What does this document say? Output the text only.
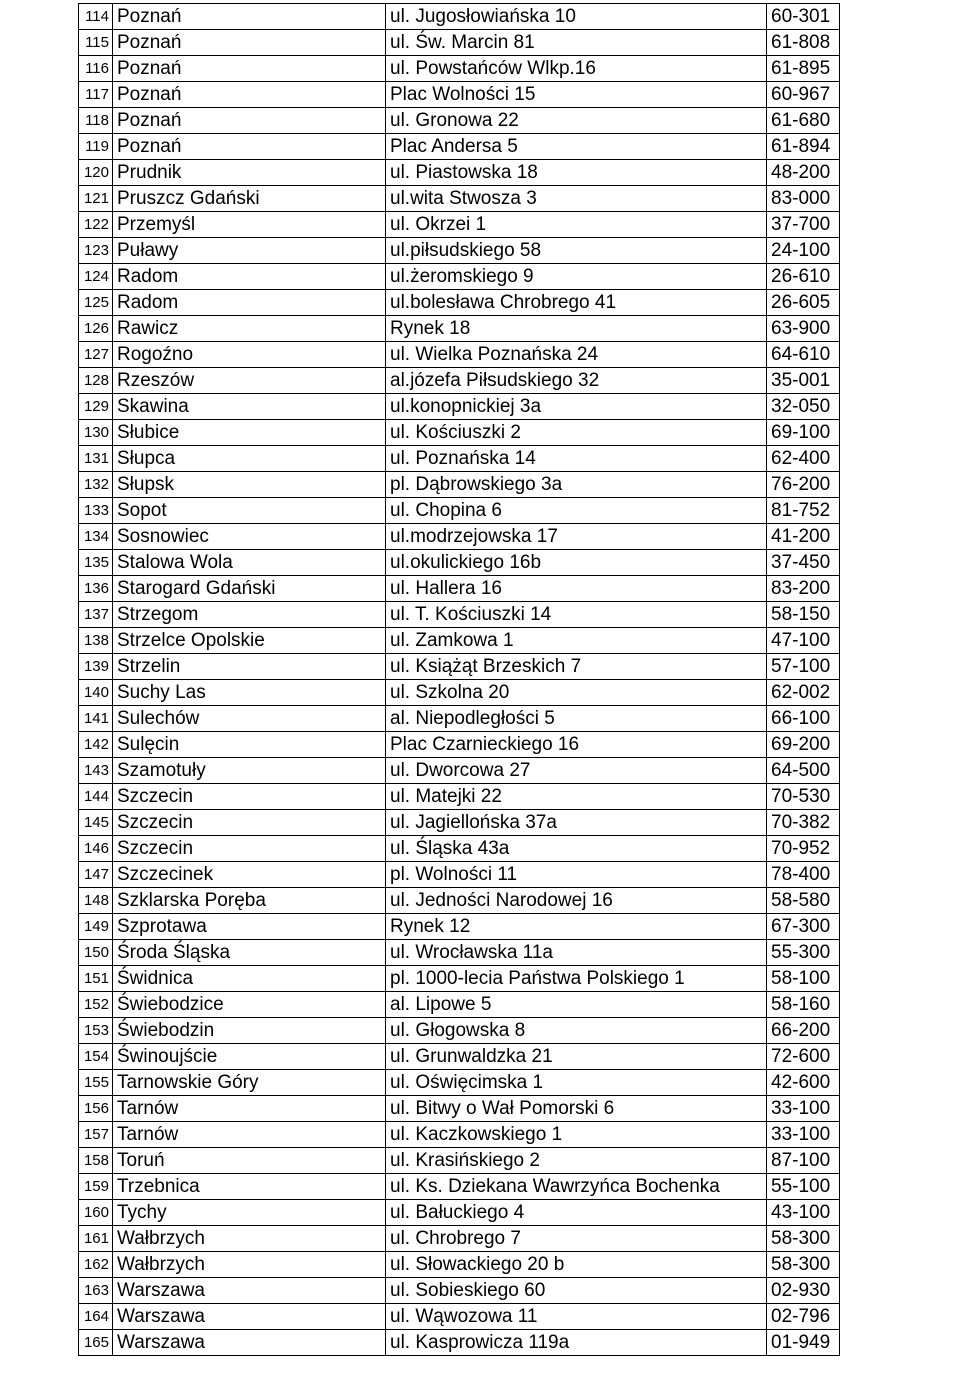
114	Poznań	ul. Jugosłowiańska 10	60-301
115	Poznań	ul. Św. Marcin 81	61-808
116	Poznań	ul. Powstańców Wlkp.16	61-895
117	Poznań	Plac Wolności 15	60-967
118	Poznań	ul. Gronowa 22	61-680
119	Poznań	Plac Andersa 5	61-894
120	Prudnik	ul. Piastowska 18	48-200
121	Pruszcz Gdański	ul.wita Stwosza 3	83-000
122	Przemyśl	ul. Okrzei 1	37-700
123	Puławy	ul.piłsudskiego 58	24-100
124	Radom	ul.żeromskiego 9	26-610
125	Radom	ul.bolesława Chrobrego 41	26-605
126	Rawicz	Rynek 18	63-900
127	Rogoźno	ul. Wielka Poznańska 24	64-610
128	Rzeszów	al.józefa Piłsudskiego 32	35-001
129	Skawina	ul.konopnickiej 3a	32-050
130	Słubice	ul. Kościuszki 2	69-100
131	Słupca	ul. Poznańska 14	62-400
132	Słupsk	pl. Dąbrowskiego 3a	76-200
133	Sopot	ul. Chopina 6	81-752
134	Sosnowiec	ul.modrzejowska 17	41-200
135	Stalowa Wola	ul.okulickiego 16b	37-450
136	Starogard Gdański	ul. Hallera 16	83-200
137	Strzegom	ul. T. Kościuszki 14	58-150
138	Strzelce Opolskie	ul. Zamkowa 1	47-100
139	Strzelin	ul. Książąt Brzeskich 7	57-100
140	Suchy Las	ul. Szkolna 20	62-002
141	Sulechów	al. Niepodległości 5	66-100
142	Sulęcin	Plac Czarnieckiego 16	69-200
143	Szamotuły	ul. Dworcowa 27	64-500
144	Szczecin	ul. Matejki 22	70-530
145	Szczecin	ul. Jagiellońska 37a	70-382
146	Szczecin	ul. Śląska 43a	70-952
147	Szczecinek	pl. Wolności 11	78-400
148	Szklarska Poręba	ul. Jedności Narodowej 16	58-580
149	Szprotawa	Rynek 12	67-300
150	Środa Śląska	ul. Wrocławska 11a	55-300
151	Świdnica	pl. 1000-lecia Państwa Polskiego 1	58-100
152	Świebodzice	al. Lipowe 5	58-160
153	Świebodzin	ul. Głogowska 8	66-200
154	Świnoujście	ul. Grunwaldzka 21	72-600
155	Tarnowskie Góry	ul. Oświęcimska 1	42-600
156	Tarnów	ul. Bitwy o Wał Pomorski 6	33-100
157	Tarnów	ul. Kaczkowskiego 1	33-100
158	Toruń	ul. Krasińskiego 2	87-100
159	Trzebnica	ul. Ks. Dziekana Wawrzyńca Bochenka	55-100
160	Tychy	ul. Bałuckiego 4	43-100
161	Wałbrzych	ul. Chrobrego 7	58-300
162	Wałbrzych	ul. Słowackiego 20 b	58-300
163	Warszawa	ul. Sobieskiego 60	02-930
164	Warszawa	ul. Wąwozowa 11	02-796
165	Warszawa	ul. Kasprowicza 119a	01-949
